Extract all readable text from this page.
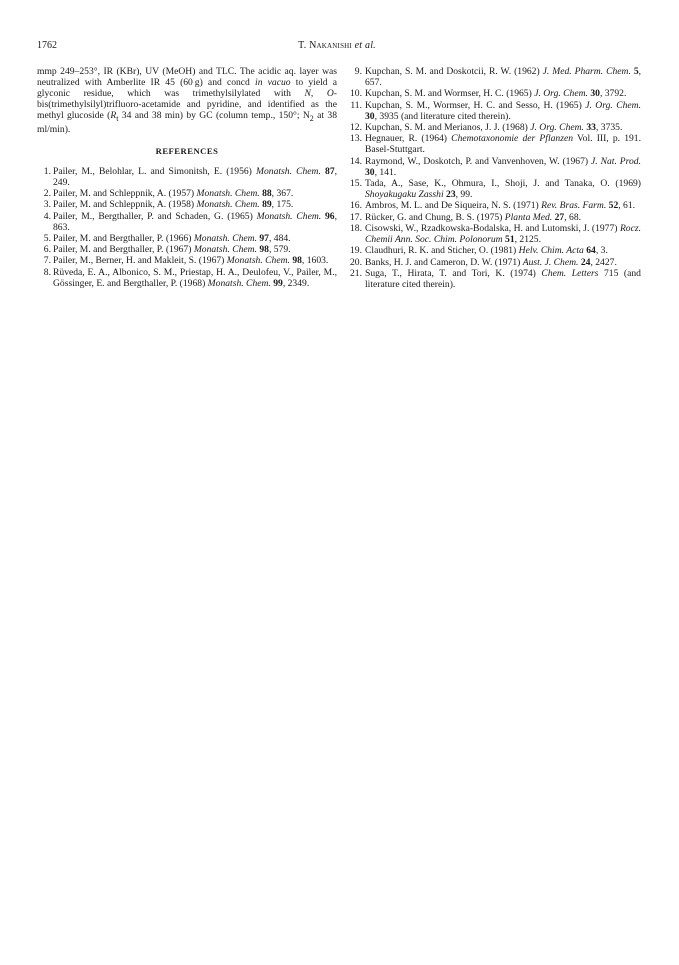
1762	T. Nakanishi et al.

mmp 249–253°, IR (KBr), UV (MeOH) and TLC. The acidic aq. layer was neutralized with Amberlite IR 45 (60 g) and concd in vacuo to yield a glyconic residue, which was trimethylsilylated with N, O-bis(trimethylsilyl)trifluoro-acetamide and pyridine, and identified as the methyl glucoside ($R_t$ 34 and 38 min) by GC (column temp., 150°; $N_2$ at 38 ml/min).

REFERENCES
1. Pailer, M., Belohlar, L. and Simonitsh, E. (1956) Monatsh. Chem. 87, 249.
2. Pailer, M. and Schleppnik, A. (1957) Monatsh. Chem. 88, 367.
3. Pailer, M. and Schleppnik, A. (1958) Monatsh. Chem. 89, 175.
4. Pailer, M., Bergthaller, P. and Schaden, G. (1965) Monatsh. Chem. 96, 863.
5. Pailer, M. and Bergthaller, P. (1966) Monatsh. Chem. 97, 484.
6. Pailer, M. and Bergthaller, P. (1967) Monatsh. Chem. 98, 579.
7. Pailer, M., Berner, H. and Makleit, S. (1967) Monatsh. Chem. 98, 1603.
8. Rüveda, E. A., Albonico, S. M., Priestap, H. A., Deulofeu, V., Pailer, M., Gössinger, E. and Bergthaller, P. (1968) Monatsh. Chem. 99, 2349.
9. Kupchan, S. M. and Doskotcii, R. W. (1962) J. Med. Pharm. Chem. 5, 657.
10. Kupchan, S. M. and Wormser, H. C. (1965) J. Org. Chem. 30, 3792.
11. Kupchan, S. M., Wormser, H. C. and Sesso, H. (1965) J. Org. Chem. 30, 3935 (and literature cited therein).
12. Kupchan, S. M. and Merianos, J. J. (1968) J. Org. Chem. 33, 3735.
13. Hegnauer, R. (1964) Chemotaxonomie der Pflanzen Vol. III, p. 191. Basel-Stuttgart.
14. Raymond, W., Doskotch, P. and Vanvenhoven, W. (1967) J. Nat. Prod. 30, 141.
15. Tada, A., Sase, K., Ohmura, I., Shoji, J. and Tanaka, O. (1969) Shoyakugaku Zasshi 23, 99.
16. Ambros, M. L. and De Siqueira, N. S. (1971) Rev. Bras. Farm. 52, 61.
17. Rücker, G. and Chung, B. S. (1975) Planta Med. 27, 68.
18. Cisowski, W., Rzadkowska-Bodalska, H. and Lutomski, J. (1977) Rocz. Chemii Ann. Soc. Chim. Polonorum 51, 2125.
19. Claudhuri, R. K. and Sticher, O. (1981) Helv. Chim. Acta 64, 3.
20. Banks, H. J. and Cameron, D. W. (1971) Aust. J. Chem. 24, 2427.
21. Suga, T., Hirata, T. and Tori, K. (1974) Chem. Letters 715 (and literature cited therein).
